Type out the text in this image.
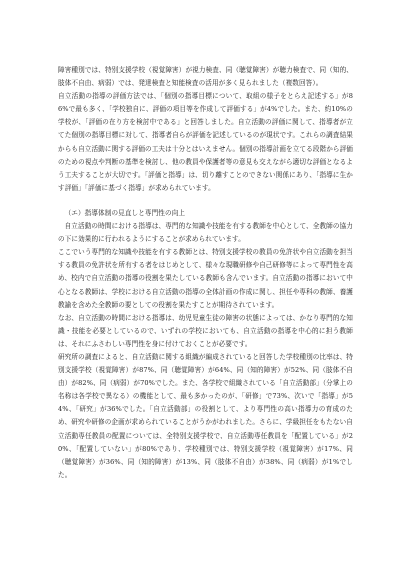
障害種別では、特別支援学校（視覚障害）が視力検査、同（聴覚障害）が聴力検査で、同（知的、肢体不自由、病弱）では、発達検査と知能検査の活用が多く見られました（複数回答）。

自立活動の指導の評価方法では、「個別の指導目標について、取組の様子をとらえ記述する」が86%で最も多く、「学校独自に、評価の項目等を作成して評価する」が4%でした。また、約10%の学校が、「評価の在り方を検討中である」と回答しました。自立活動の評価に関して、指導者が立てた個別の指導目標に対して、指導者自らが評価を記述しているのが現状です。これらの調査結果からも自立活動に関する評価の工夫は十分とはいえません。個別の指導計画を立てる段階から評価のための視点や判断の基準を検討し、他の教員や保護者等の意見も交えながら適切な評価となるよう工夫することが大切です。「評価と指導」は、切り離すことのできない関係にあり、「指導に生かす評価」「評価に基づく指導」が求められています。

（エ）指導体制の見直しと専門性の向上

自立活動の時間における指導は、専門的な知識や技能を有する教師を中心として、全教師の協力の下に効果的に行われるようにすることが求められています。

ここでいう専門的な知識や技能を有する教師とは、特別支援学校の教員の免許状や自立活動を担当する教員の免許状を所有する者をはじめとして、様々な現職研修や自己研修等によって専門性を高め、校内で自立活動の指導の役割を果たしている教師も含んでいます。自立活動の指導において中心となる教師は、学校における自立活動の指導の全体計画の作成に関し、担任や専科の教師、養護教諭を含めた全教師の要としての役割を果たすことが期待されています。

なお、自立活動の時間における指導は、幼児児童生徒の障害の状態によっては、かなり専門的な知識・技能を必要としているので、いずれの学校においても、自立活動の指導を中心的に担う教師は、それにふさわしい専門性を身に付けておくことが必要です。

研究所の調査によると、自立活動に関する組織が編成されていると回答した学校種別の比率は、特別支援学校（視覚障害）が87%、同（聴覚障害）が64%、同（知的障害）が52%、同（肢体不自由）が82%、同（病弱）が70%でした。また、各学校で組織されている「自立活動部」（分掌上の名称は各学校で異なる）の機能として、最も多かったのが、「研修」で73%、次いで「指導」が54%、「研究」が36%でした。「自立活動部」の役割として、より専門性の高い指導力の育成のため、研究や研修の企画が求められていることがうかがわれました。さらに、学級担任をもたない自立活動専任教員の配置については、全特別支援学校で、自立活動専任教員を「配置している」が20%、「配置していない」が80%であり、学校種別では、特別支援学校（視覚障害）が17%、同（聴覚障害）が36%、同（知的障害）が13%、同（肢体不自由）が38%、同（病弱）が1%でした。
